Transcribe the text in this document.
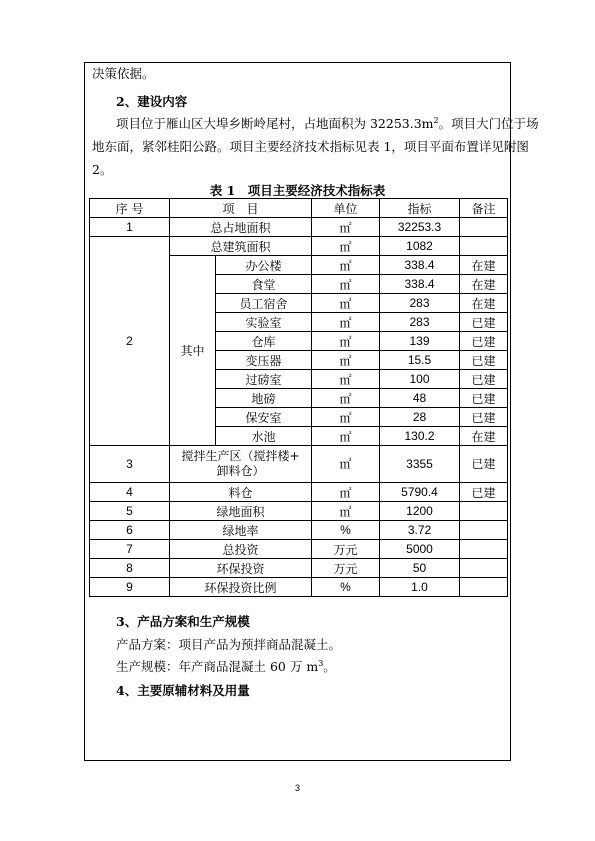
决策依据。
2、建设内容
项目位于雁山区大埠乡断岭尾村，占地面积为 $32253.3m^2$。项目大门位于场
地东面，紧邻桂阳公路。项目主要经济技术指标见表 1，项目平面布置详见附图
2。
表 1　项目主要经济技术指标表
序 号	项　目		单位	指标	备注
1	总占地面积		㎡	32253.3	
2	总建筑面积		㎡	1082	
	其中	办公楼	㎡	338.4	在建
		食堂	㎡	338.4	在建
		员工宿舍	㎡	283	在建
		实验室	㎡	283	已建
		仓库	㎡	139	已建
		变压器	㎡	15.5	已建
		过磅室	㎡	100	已建
		地磅	㎡	48	已建
		保安室	㎡	28	已建
		水池	㎡	130.2	在建
3	搅拌生产区（搅拌楼+
卸料仓）		㎡	3355	已建
4	料仓		㎡	5790.4	已建
5	绿地面积		㎡	1200	
6	绿地率		%	3.72	
7	总投资		万元	5000	
8	环保投资		万元	50	
9	环保投资比例		%	1.0	
3、产品方案和生产规模
产品方案：项目产品为预拌商品混凝土。
生产规模：年产商品混凝土 60 万 $m^3$。
4、主要原辅材料及用量
3
